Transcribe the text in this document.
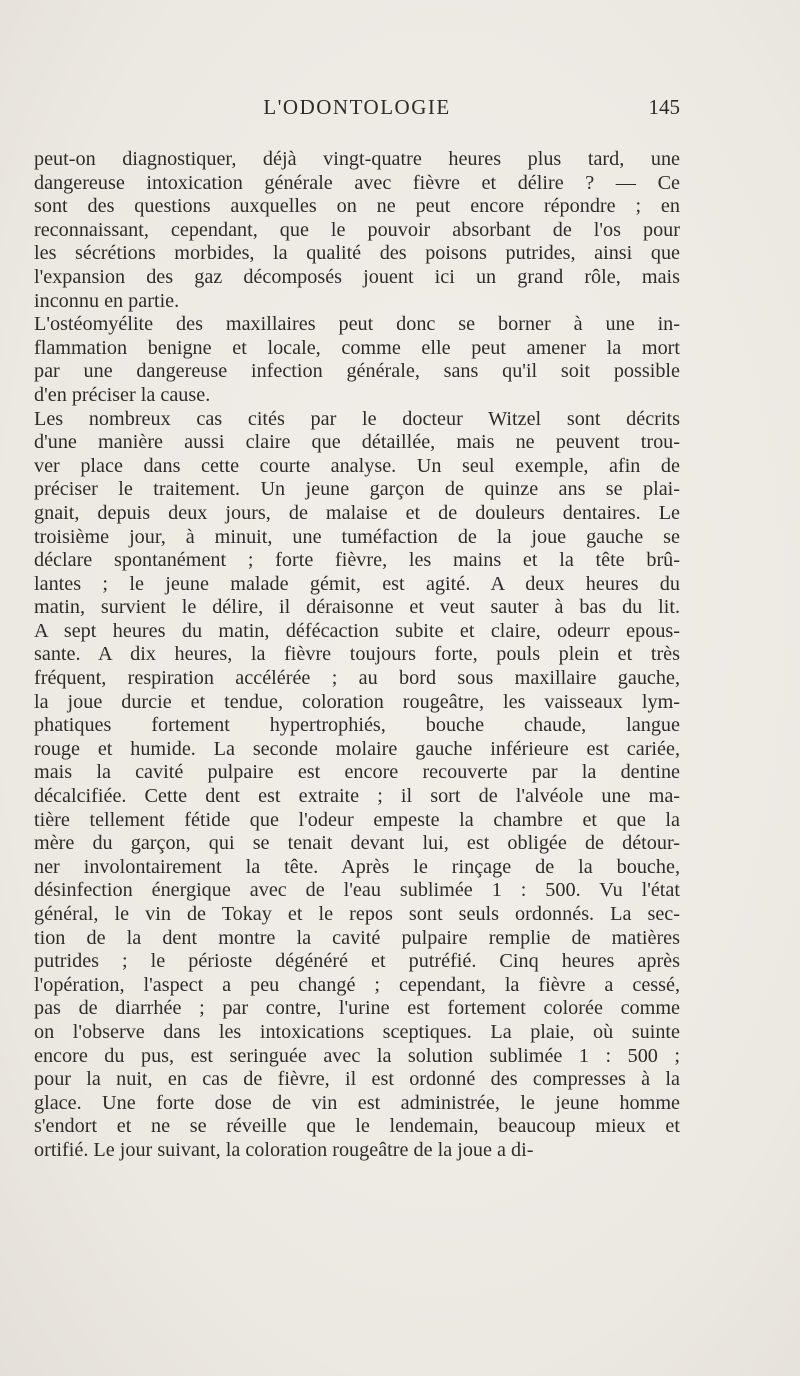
L'ODONTOLOGIE	145
peut-on diagnostiquer, déjà vingt-quatre heures plus tard, une
dangereuse intoxication générale avec fièvre et délire ? — Ce
sont des questions auxquelles on ne peut encore répondre ; en
reconnaissant, cependant, que le pouvoir absorbant de l'os pour
les sécrétions morbides, la qualité des poisons putrides, ainsi que
l'expansion des gaz décomposés jouent ici un grand rôle, mais
inconnu en partie.
L'ostéomyélite des maxillaires peut donc se borner à une in-
flammation benigne et locale, comme elle peut amener la mort
par une dangereuse infection générale, sans qu'il soit possible
d'en préciser la cause.
Les nombreux cas cités par le docteur Witzel sont décrits
d'une manière aussi claire que détaillée, mais ne peuvent trou-
ver place dans cette courte analyse. Un seul exemple, afin de
préciser le traitement. Un jeune garçon de quinze ans se plai-
gnait, depuis deux jours, de malaise et de douleurs dentaires. Le
troisième jour, à minuit, une tuméfaction de la joue gauche se
déclare spontanément ; forte fièvre, les mains et la tête brû-
lantes ; le jeune malade gémit, est agité. A deux heures du
matin, survient le délire, il déraisonne et veut sauter à bas du lit.
A sept heures du matin, défécaction subite et claire, odeurr epous-
sante. A dix heures, la fièvre toujours forte, pouls plein et très
fréquent, respiration accélérée ; au bord sous maxillaire gauche,
la joue durcie et tendue, coloration rougeâtre, les vaisseaux lym-
phatiques fortement hypertrophiés, bouche chaude, langue
rouge et humide. La seconde molaire gauche inférieure est cariée,
mais la cavité pulpaire est encore recouverte par la dentine
décalcifiée. Cette dent est extraite ; il sort de l'alvéole une ma-
tière tellement fétide que l'odeur empeste la chambre et que la
mère du garçon, qui se tenait devant lui, est obligée de détour-
ner involontairement la tête. Après le rinçage de la bouche,
désinfection énergique avec de l'eau sublimée 1 : 500. Vu l'état
général, le vin de Tokay et le repos sont seuls ordonnés. La sec-
tion de la dent montre la cavité pulpaire remplie de matières
putrides ; le périoste dégénéré et putréfié. Cinq heures après
l'opération, l'aspect a peu changé ; cependant, la fièvre a cessé,
pas de diarrhée ; par contre, l'urine est fortement colorée comme
on l'observe dans les intoxications sceptiques. La plaie, où suinte
encore du pus, est seringuée avec la solution sublimée 1 : 500 ;
pour la nuit, en cas de fièvre, il est ordonné des compresses à la
glace. Une forte dose de vin est administrée, le jeune homme
s'endort et ne se réveille que le lendemain, beaucoup mieux et
ortifié. Le jour suivant, la coloration rougeâtre de la joue a di-
